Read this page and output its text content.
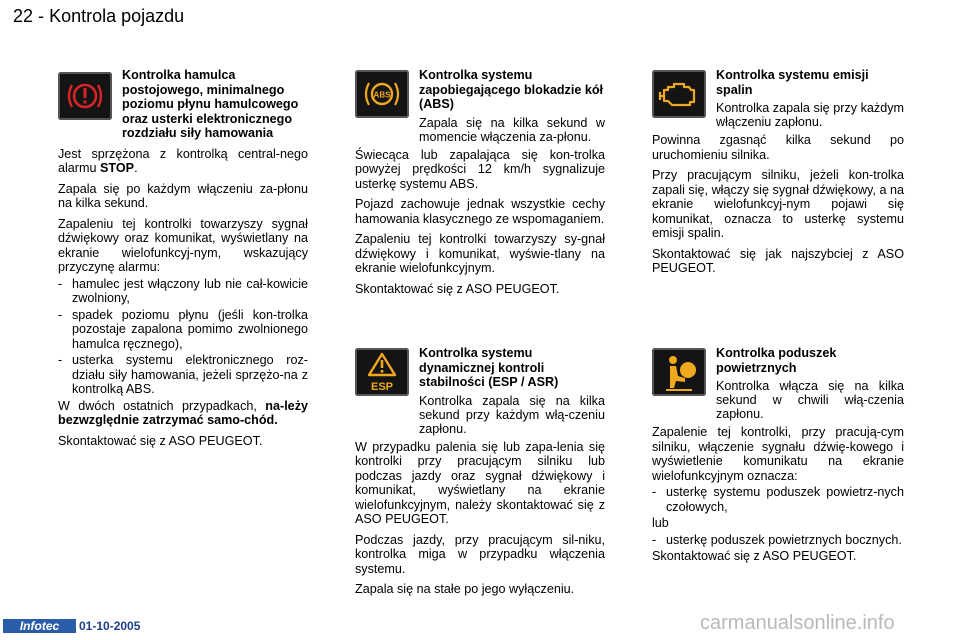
22 - Kontrola pojazdu
Kontrolka hamulca postojowego, minimalnego poziomu płynu hamulcowego oraz usterki elektronicznego rozdziału siły hamowania

Jest sprzężona z kontrolką central-nego alarmu STOP.

Zapala się po każdym włączeniu za-płonu na kilka sekund.

Zapaleniu tej kontrolki towarzyszy sygnał dźwiękowy oraz komunikat, wyświetlany na ekranie wielofunkcyj-nym, wskazujący przyczynę alarmu:

- hamulec jest włączony lub nie cał-kowicie zwolniony,
- spadek poziomu płynu (jeśli kon-trolka pozostaje zapalona pomimo zwolnionego hamulca ręcznego),
- usterka systemu elektronicznego roz-działu siły hamowania, jeżeli sprzężo-na z kontrolką ABS.

W dwóch ostatnich przypadkach, na-leży bezwzględnie zatrzymać samo-chód.

Skontaktować się z ASO PEUGEOT.

ABS
Kontrolka systemu zapobiegającego blokadzie kół (ABS)
Zapala się na kilka sekund w momencie włączenia za-płonu.

Świecąca lub zapalająca się kon-trolka powyżej prędkości 12 km/h sygnalizuje usterkę systemu ABS.

Pojazd zachowuje jednak wszystkie cechy hamowania klasycznego ze wspomaganiem.

Zapaleniu tej kontrolki towarzyszy sy-gnał dźwiękowy i komunikat, wyświe-tlany na ekranie wielofunkcyjnym.

Skontaktować się z ASO PEUGEOT.

ESP
Kontrolka systemu dynamicznej kontroli stabilności (ESP / ASR)
Kontrolka zapala się na kilka sekund przy każdym włą-czeniu zapłonu.

W przypadku palenia się lub zapa-lenia się kontrolki przy pracującym silniku lub podczas jazdy oraz sygnał dźwiękowy i komunikat, wyświetlany na ekranie wielofunkcyjnym, należy skontaktować się z ASO PEUGEOT.

Podczas jazdy, przy pracującym sil-niku, kontrolka miga w przypadku włączenia systemu.

Zapala się na stałe po jego wyłączeniu.

Kontrolka systemu emisji spalin
Kontrolka zapala się przy każdym włączeniu zapłonu.

Powinna zgasnąć kilka sekund po uruchomieniu silnika.

Przy pracującym silniku, jeżeli kon-trolka zapali się, włączy się sygnał dźwiękowy, a na ekranie wielofunkcyj-nym pojawi się komunikat, oznacza to usterkę systemu emisji spalin.

Skontaktować się jak najszybciej z ASO PEUGEOT.

Kontrolka poduszek powietrznych
Kontrolka włącza się na kilka sekund w chwili włą-czenia zapłonu.

Zapalenie tej kontrolki, przy pracują-cym silniku, włączenie sygnału dźwię-kowego i wyświetlenie komunikatu na ekranie wielofunkcyjnym oznacza:

- usterkę systemu poduszek powietrz-nych czołowych,

lub

- usterkę poduszek powietrznych bocznych.

Skontaktować się z ASO PEUGEOT.

Infotec	01-10-2005	carmanualsonline.info
